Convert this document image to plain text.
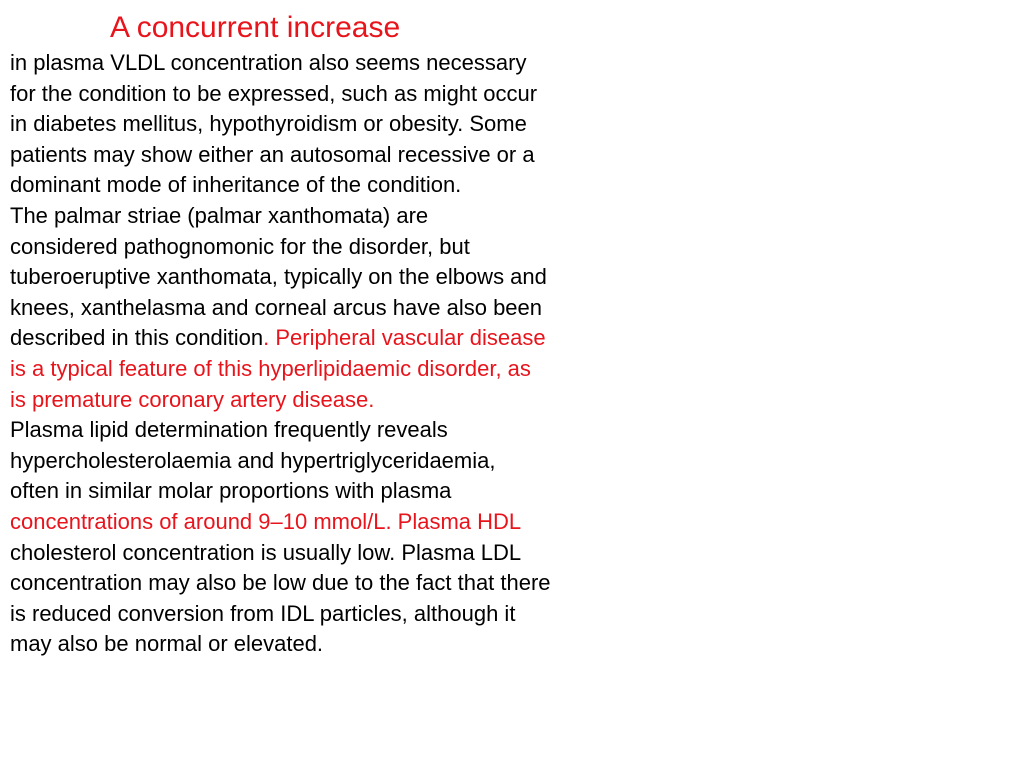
A concurrent increase
in plasma VLDL concentration also seems necessary
for the condition to be expressed, such as might occur
in diabetes mellitus, hypothyroidism or obesity. Some
patients may show either an autosomal recessive or a
dominant mode of inheritance of the condition.
The palmar striae (palmar xanthomata) are
considered pathognomonic for the disorder, but
tuberoeruptive xanthomata, typically on the elbows and
knees, xanthelasma and corneal arcus have also been
described in this condition. Peripheral vascular disease
is a typical feature of this hyperlipidaemic disorder, as
is premature coronary artery disease.
Plasma lipid determination frequently reveals
hypercholesterolaemia and hypertriglyceridaemia,
often in similar molar proportions with plasma
concentrations of around 9–10 mmol/L. Plasma HDL
cholesterol concentration is usually low. Plasma LDL
concentration may also be low due to the fact that there
is reduced conversion from IDL particles, although it
may also be normal or elevated.
